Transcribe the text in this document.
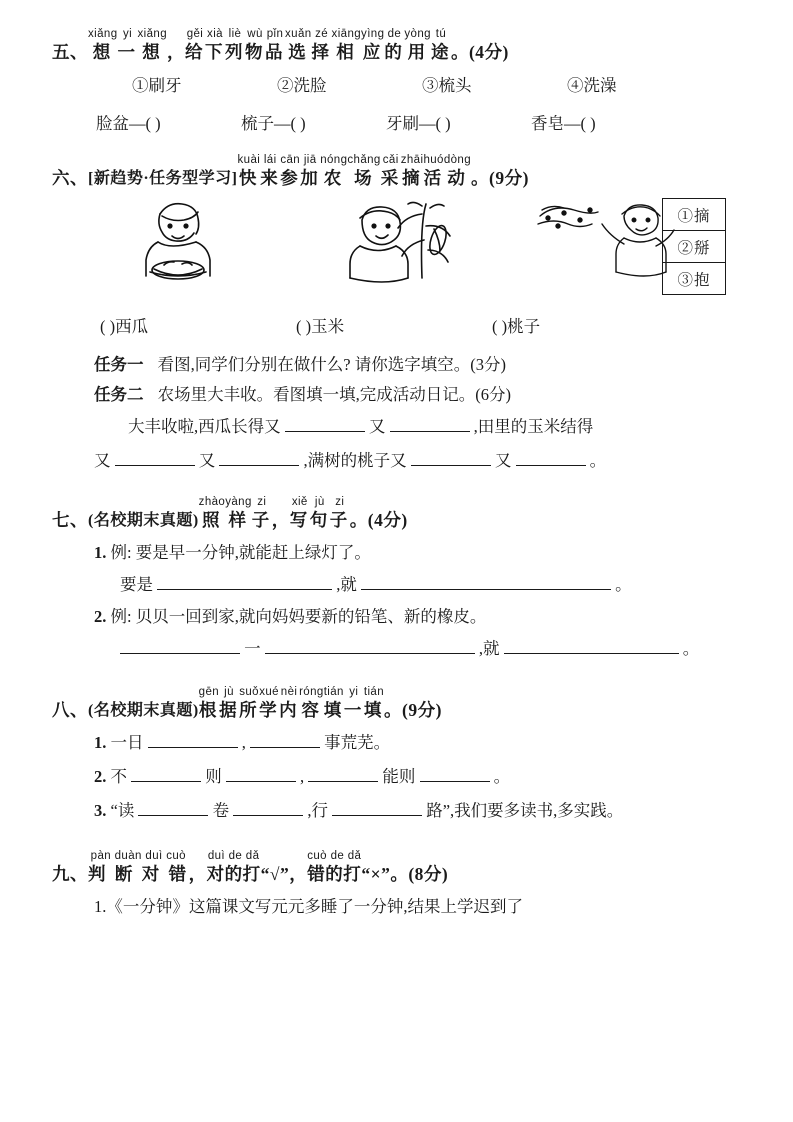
五、
xiǎng
想
yi
一
xiǎng
想 ，
gěi
给
xià
下
liè
列
wù
物
pǐn
品
xuǎn
选
zé
择
xiāng
相
yìng
应
de
的
yòng
用
tú
途 。 (4分)
①刷牙	②洗脸	③梳头	④洗澡
脸盆—( )	梳子—( )	牙刷—( )	香皂—( )
六、 [新趋势·任务型学习]
kuài
快
lái
来
cān
参
jiā
加
nóng
农
chǎng
场
cǎi
采
zhāi
摘
huó
活
dòng
动 。 (9分)
①摘
②掰
③抱
( )西瓜	( )玉米	( )桃子
任务一 看图,同学们分别在做什么? 请你选字填空。(3分)
任务二 农场里大丰收。看图填一填,完成活动日记。(6分)
大丰收啦,西瓜长得又	又	,田里的玉米结得
又	又	,满树的桃子又	又	。
七、 (名校期末真题)
zhào
照
yàng
样
zi
子 ，
xiě
写
jù
句
zi
子 。 (4分)
1. 例: 要是早一分钟,就能赶上绿灯了。
要是	,就	。
2. 例: 贝贝一回到家,就向妈妈要新的铅笔、新的橡皮。
一	,就	。
八、 (名校期末真题)
gēn
根
jù
据
suǒ
所
xué
学
nèi
内
róng
容
tián
填
yi
一
tián
填 。 (9分)
1. 一日	,	事荒芜。
2. 不	则	,	能则	。
3. “读	卷	,行	路”,我们要多读书,多实践。
九、
pàn duàn duì cuò
判 断 对 错 ，
duì de dǎ
对的打 “√”，
cuò de dǎ
错的打 “×”。 (8分)
1.《一分钟》这篇课文写元元多睡了一分钟,结果上学迟到了
